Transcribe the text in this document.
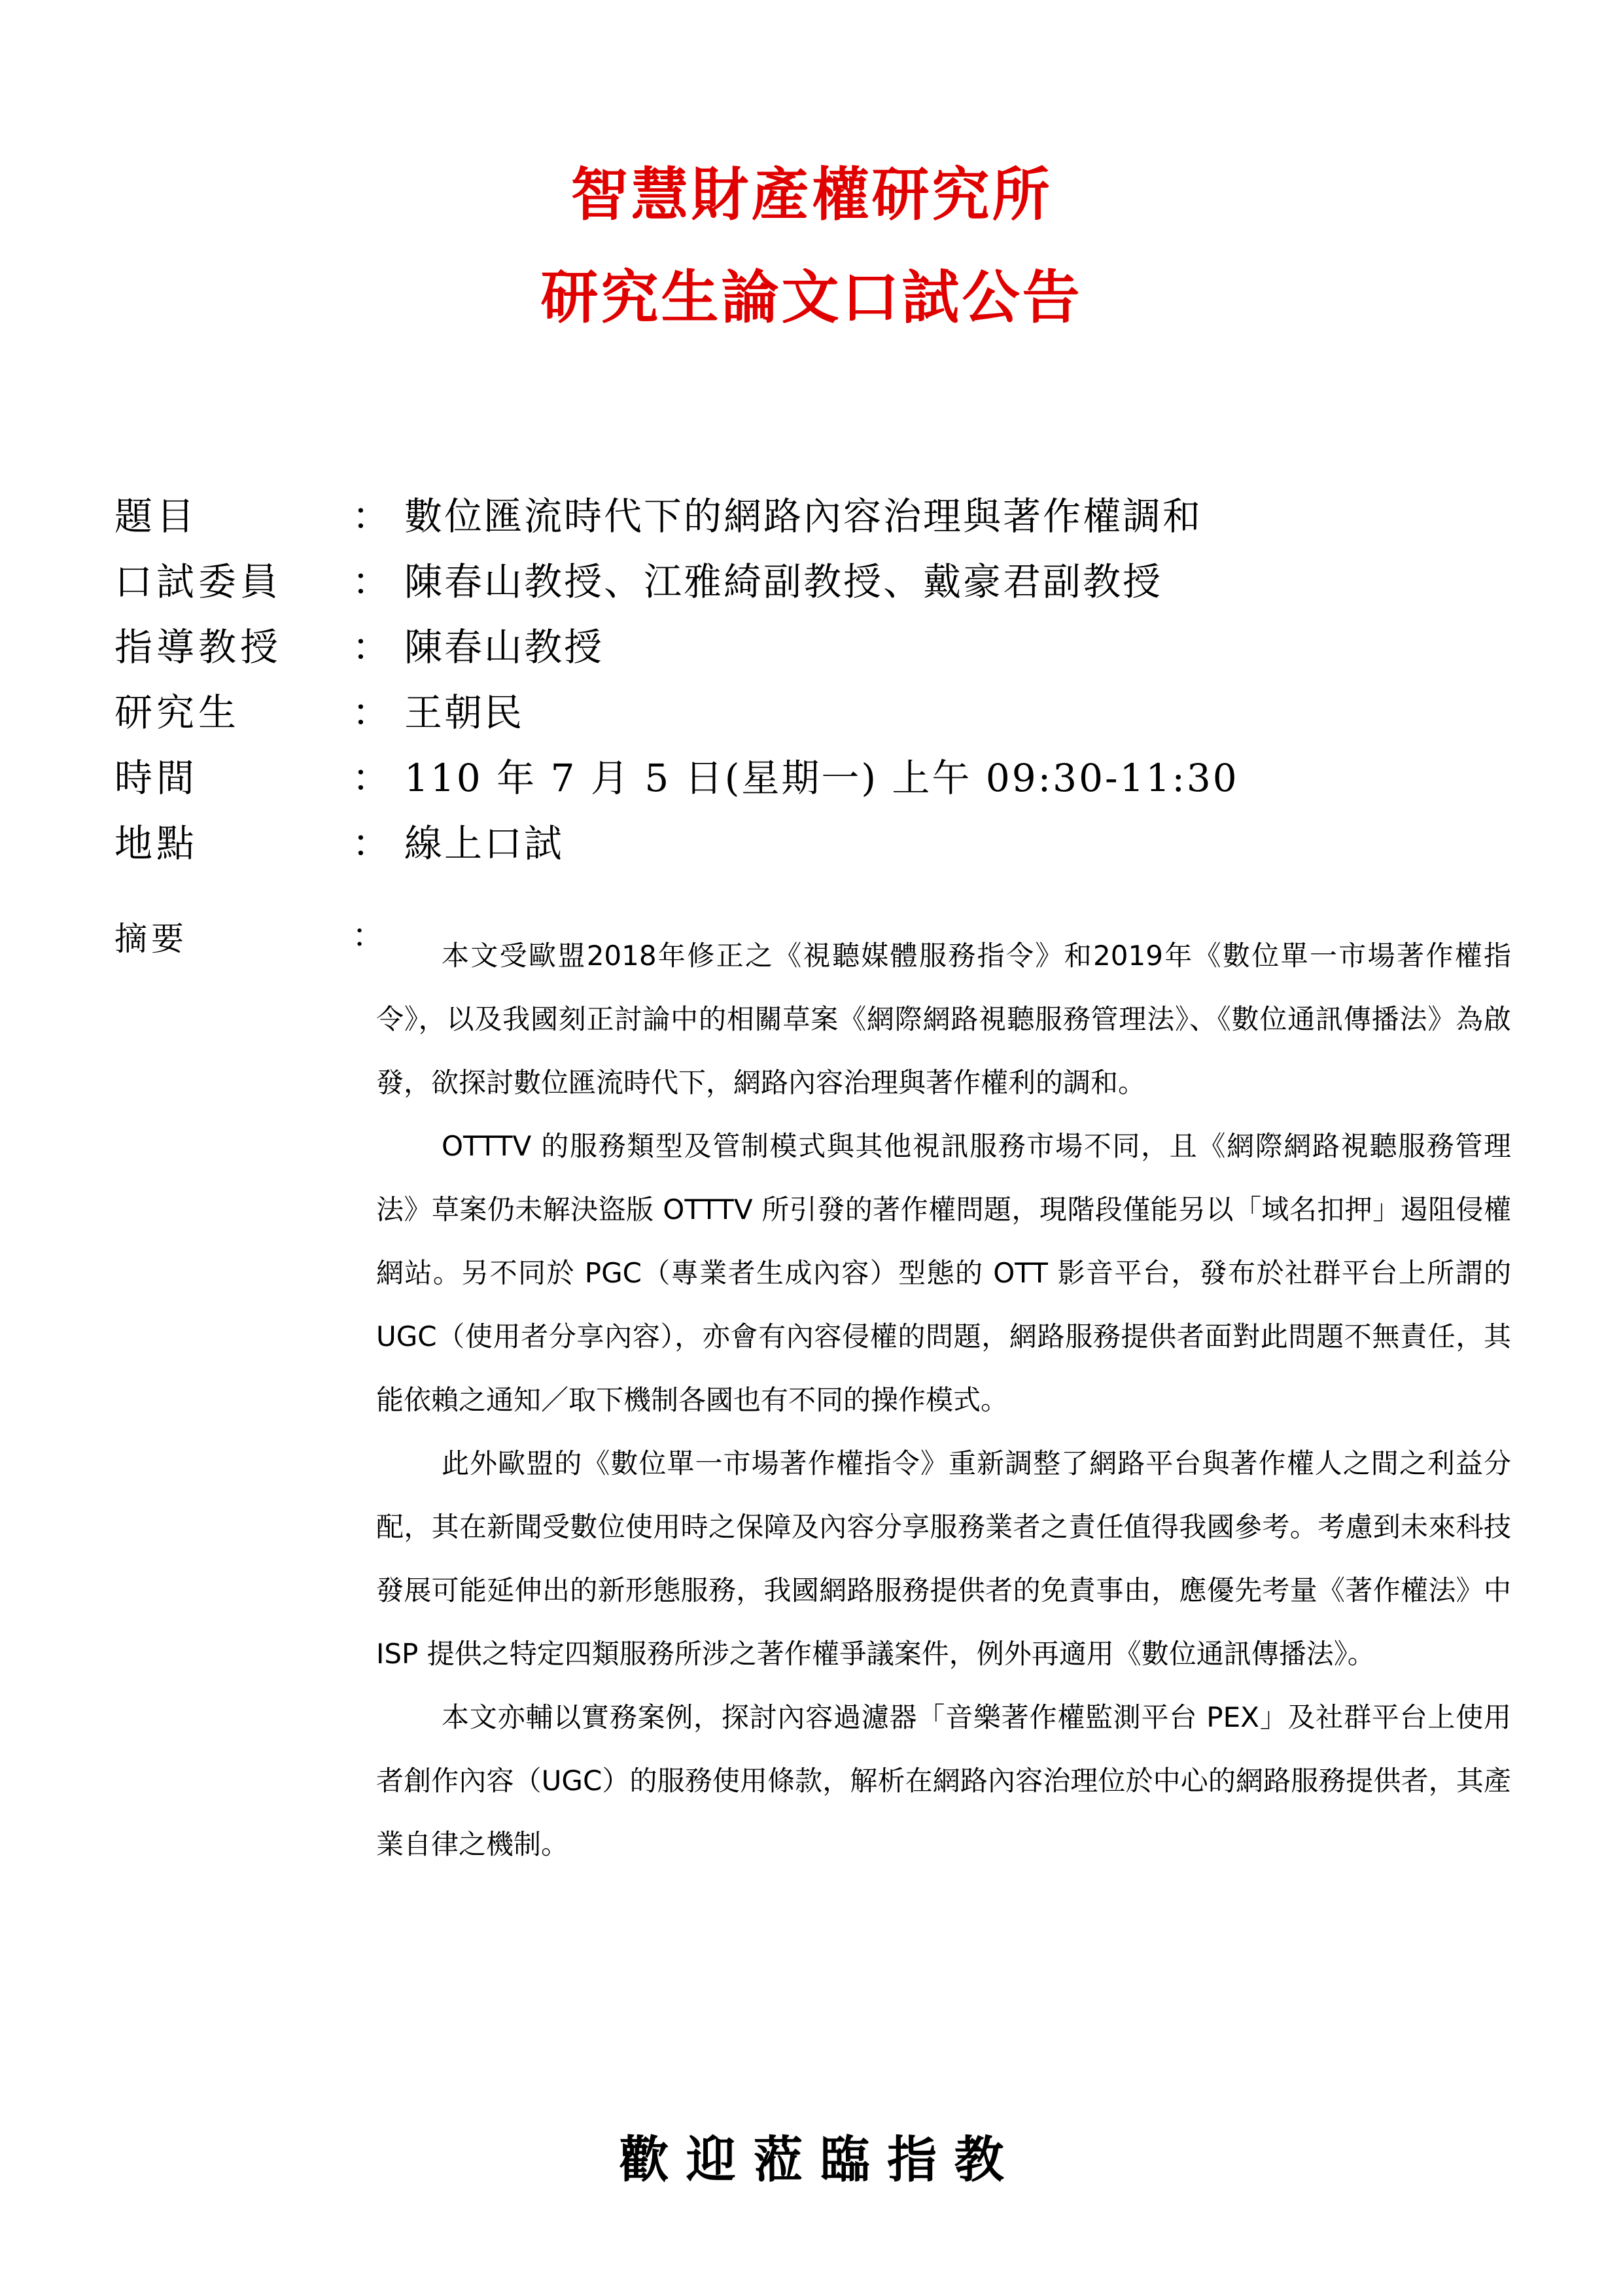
智慧財產權研究所
研究生論文口試公告
題目	： 數位匯流時代下的網路內容治理與著作權調和
口試委員 ： 陳春山教授、江雅綺副教授、戴豪君副教授
指導教授 ： 陳春山教授
研究生	： 王朝民
時間	： 110 年 7 月 5 日(星期一) 上午 09:30-11:30
地點	： 線上口試
摘要	：

本文受歐盟2018年修正之《視聽媒體服務指令》和2019年《數位單一市場著作權指令》，以及我國刻正討論中的相關草案《網際網路視聽服務管理法》、《數位通訊傳播法》為啟發，欲探討數位匯流時代下，網路內容治理與著作權利的調和。

OTTTV 的服務類型及管制模式與其他視訊服務市場不同，且《網際網路視聽服務管理法》草案仍未解決盜版 OTTTV 所引發的著作權問題，現階段僅能另以「域名扣押」遏阻侵權網站。另不同於 PGC（專業者生成內容）型態的 OTT 影音平台，發布於社群平台上所謂的 UGC（使用者分享內容），亦會有內容侵權的問題，網路服務提供者面對此問題不無責任，其能依賴之通知／取下機制各國也有不同的操作模式。

此外歐盟的《數位單一市場著作權指令》重新調整了網路平台與著作權人之間之利益分配，其在新聞受數位使用時之保障及內容分享服務業者之責任值得我國參考。考慮到未來科技發展可能延伸出的新形態服務，我國網路服務提供者的免責事由，應優先考量《著作權法》中 ISP 提供之特定四類服務所涉之著作權爭議案件，例外再適用《數位通訊傳播法》。

本文亦輔以實務案例，探討內容過濾器「音樂著作權監測平台 PEX」及社群平台上使用者創作內容（UGC）的服務使用條款，解析在網路內容治理位於中心的網路服務提供者，其產業自律之機制。

歡 迎 蒞 臨 指 教
